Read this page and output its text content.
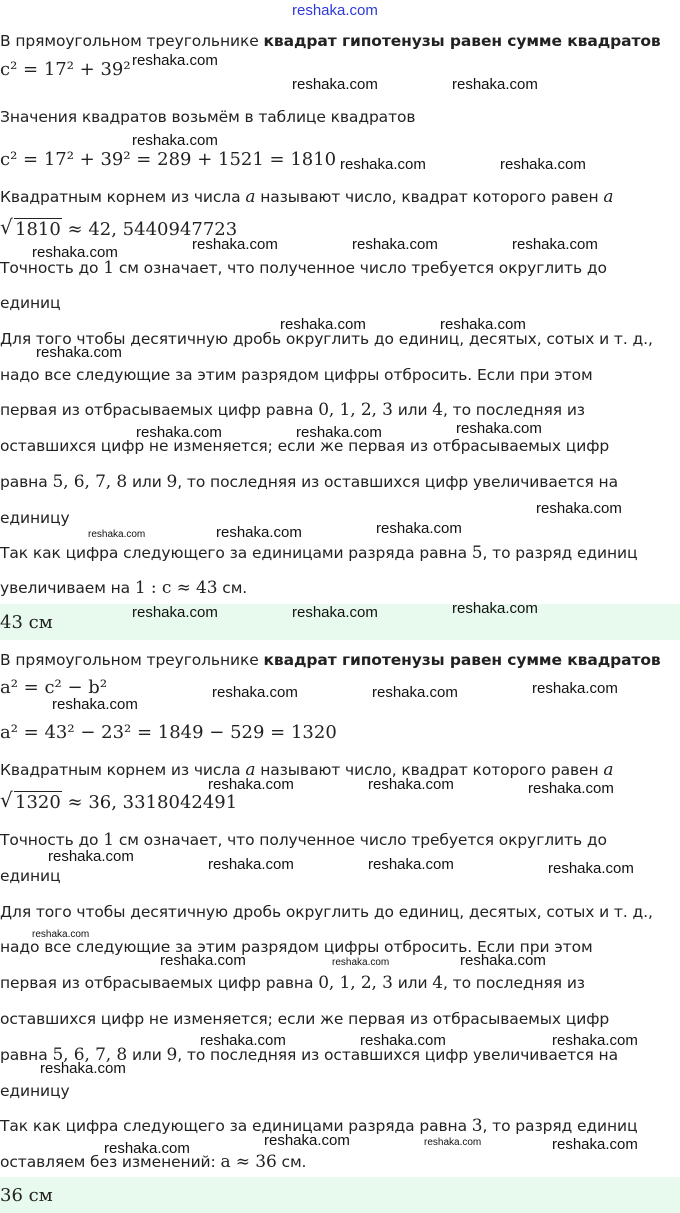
reshaka.com
В прямоугольном треугольнике квадрат гипотенузы равен сумме квадратов
c² = 17² + 39²
Значения квадратов возьмём в таблице квадратов
c² = 17² + 39² = 289 + 1521 = 1810
Квадратным корнем из числа a называют число, квадрат которого равен a
√ 1810 ≈ 42, 5440947723
Точность до 1 см означает, что полученное число требуется округлить до
единиц
Для того чтобы десятичную дробь округлить до единиц, десятых, сотых и т. д.,
надо все следующие за этим разрядом цифры отбросить. Если при этом
первая из отбрасываемых цифр равна 0, 1, 2, 3 или 4, то последняя из
оставшихся цифр не изменяется; если же первая из отбрасываемых цифр
равна 5, 6, 7, 8 или 9, то последняя из оставшихся цифр увеличивается на
единицу
Так как цифра следующего за единицами разряда равна 5, то разряд единиц
увеличиваем на 1 : c ≈ 43 см.
43 см
В прямоугольном треугольнике квадрат гипотенузы равен сумме квадратов
a² = c² − b²
a² = 43² − 23² = 1849 − 529 = 1320
Квадратным корнем из числа a называют число, квадрат которого равен a
√ 1320 ≈ 36, 3318042491
Точность до 1 см означает, что полученное число требуется округлить до
единиц
Для того чтобы десятичную дробь округлить до единиц, десятых, сотых и т. д.,
надо все следующие за этим разрядом цифры отбросить. Если при этом
первая из отбрасываемых цифр равна 0, 1, 2, 3 или 4, то последняя из
оставшихся цифр не изменяется; если же первая из отбрасываемых цифр
равна 5, 6, 7, 8 или 9, то последняя из оставшихся цифр увеличивается на
единицу
Так как цифра следующего за единицами разряда равна 3, то разряд единиц
оставляем без изменений: a ≈ 36 см.
36 см
reshaka.com
reshaka.com	reshaka.com
reshaka.com
reshaka.com	reshaka.com
reshaka.com	reshaka.com	reshaka.com	reshaka.com
reshaka.com	reshaka.com
reshaka.com
reshaka.com	reshaka.com	reshaka.com
reshaka.com
reshaka.com	reshaka.com	reshaka.com
reshaka.com	reshaka.com	reshaka.com
reshaka.com	reshaka.com	reshaka.com
reshaka.com
reshaka.com	reshaka.com	reshaka.com
reshaka.com	reshaka.com	reshaka.com	reshaka.com
reshaka.com
reshaka.com	reshaka.com	reshaka.com
reshaka.com	reshaka.com	reshaka.com
reshaka.com
reshaka.com	reshaka.com	reshaka.com	reshaka.com
